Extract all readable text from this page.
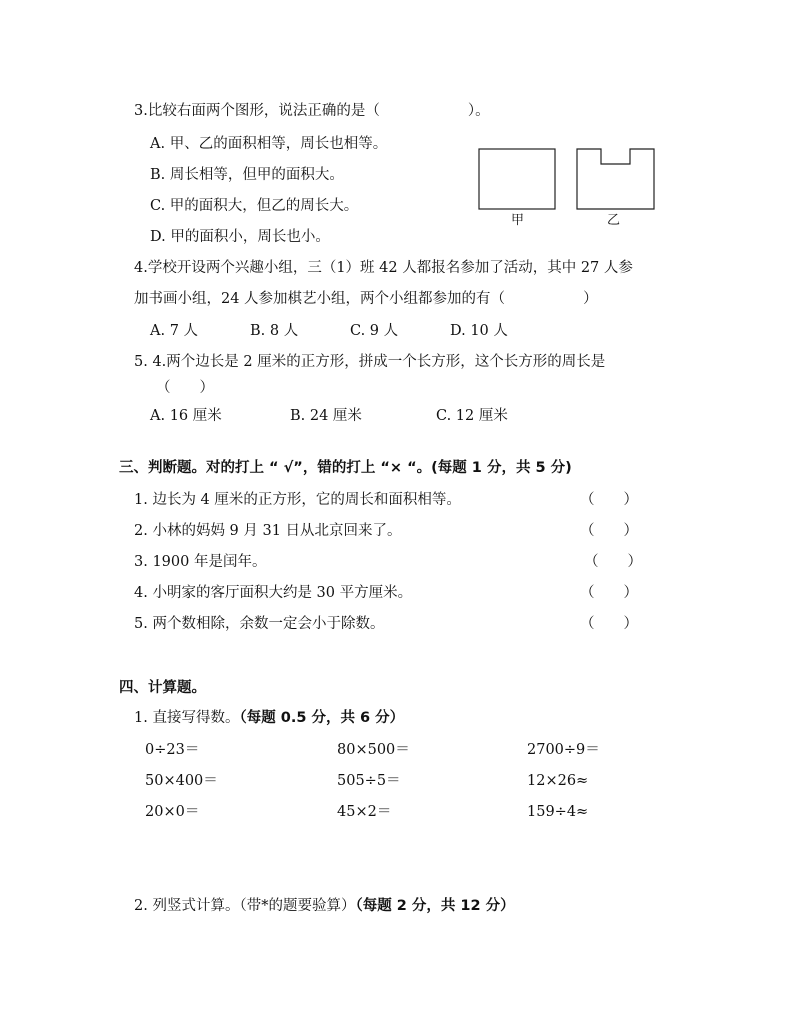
3.比较右面两个图形，说法正确的是（	）。
A. 甲、乙的面积相等，周长也相等。
B. 周长相等，但甲的面积大。
C. 甲的面积大，但乙的周长大。
D. 甲的面积小，周长也小。
甲	乙
4.学校开设两个兴趣小组，三（1）班 42 人都报名参加了活动，其中 27 人参
加书画小组，24 人参加棋艺小组，两个小组都参加的有（	）
A. 7 人	B. 8 人	C. 9 人	D. 10 人
5. 4.两个边长是 2 厘米的正方形，拼成一个长方形，这个长方形的周长是
（　　）
A. 16 厘米	B. 24 厘米	C. 12 厘米
三、判断题。对的打上 “ √”，错的打上 “× “。(每题 1 分，共 5 分)
1. 边长为 4 厘米的正方形，它的周长和面积相等。	（　　）
2. 小林的妈妈 9 月 31 日从北京回来了。	（　　）
3. 1900 年是闰年。	（　　）
4. 小明家的客厅面积大约是 30 平方厘米。	（　　）
5. 两个数相除，余数一定会小于除数。	（　　）
四、计算题。
1. 直接写得数。（每题 0.5 分，共 6 分）
0÷23＝	80×500＝	2700÷9＝
50×400＝	505÷5＝	12×26≈
20×0＝	45×2＝	159÷4≈
2. 列竖式计算。（带*的题要验算）（每题 2 分，共 12 分）
